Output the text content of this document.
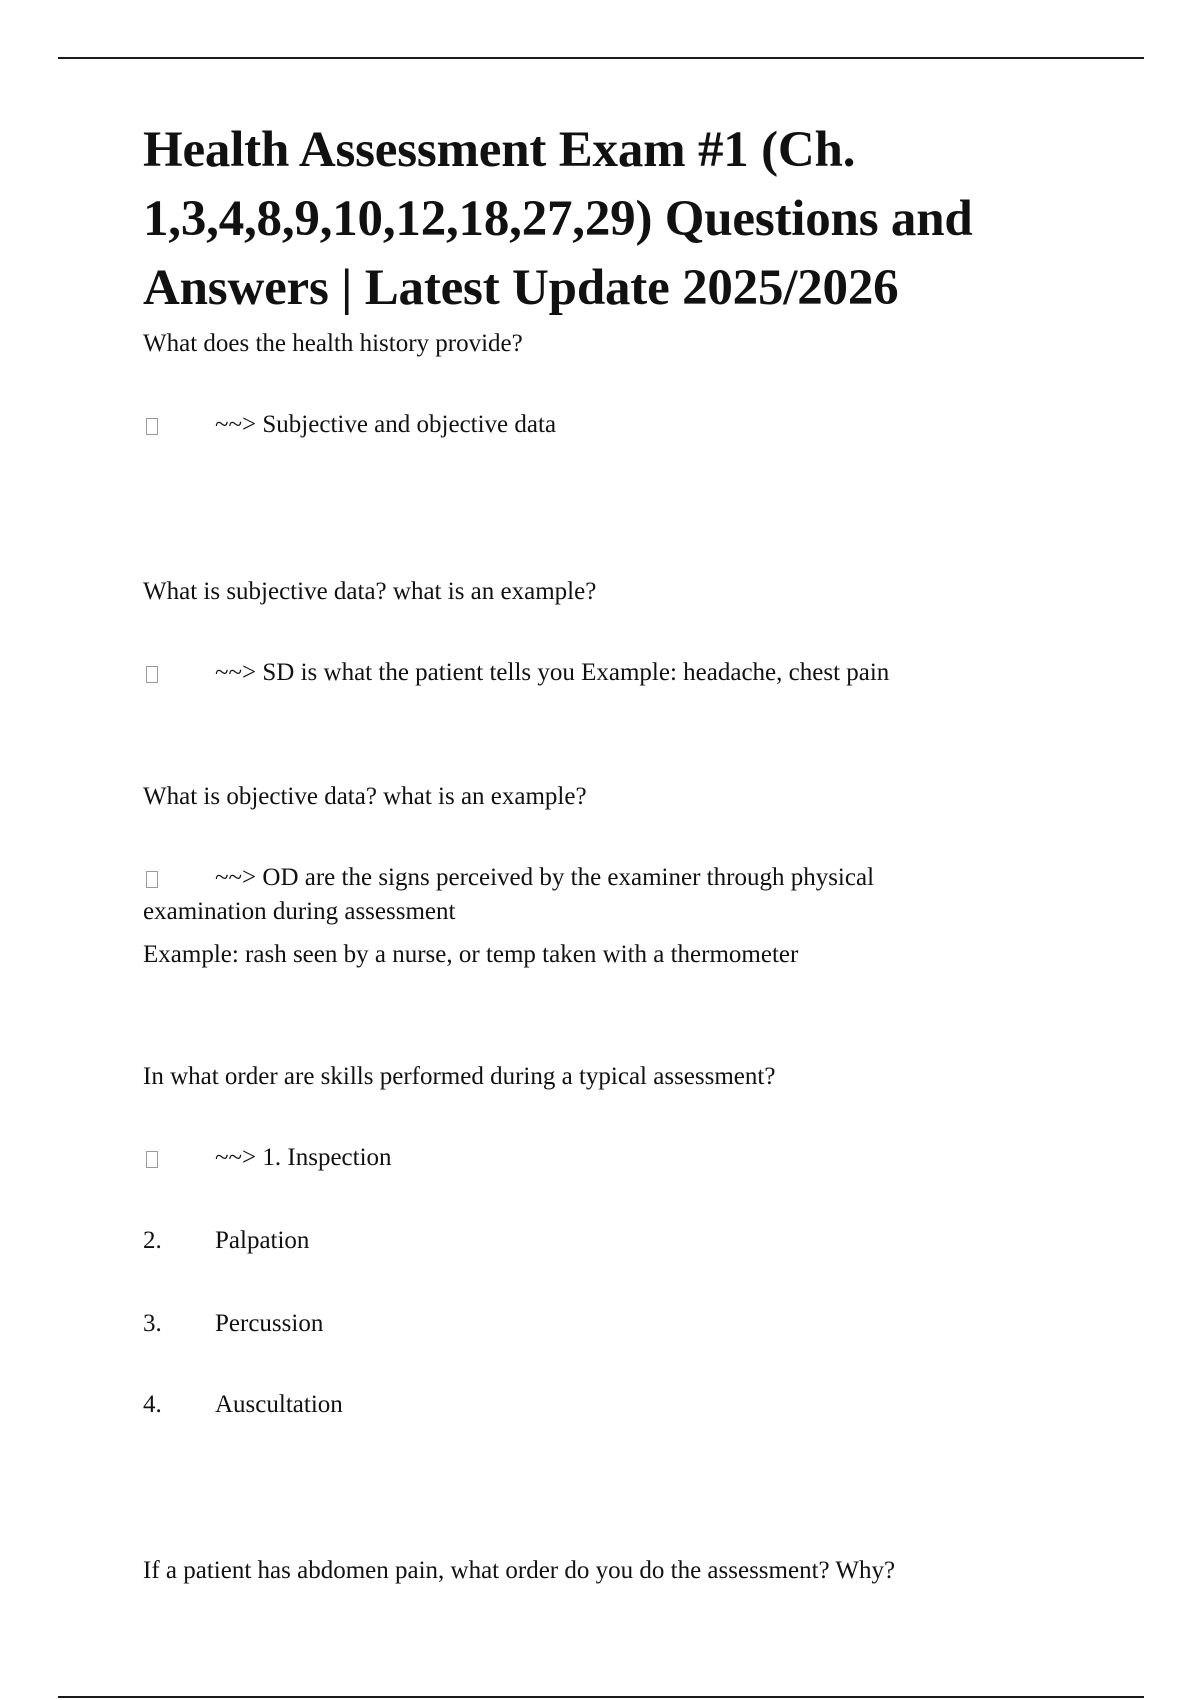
Health Assessment Exam #1 (Ch. 1,3,4,8,9,10,12,18,27,29) Questions and Answers | Latest Update 2025/2026
What does the health history provide?
~~> Subjective and objective data
What is subjective data? what is an example?
~~> SD is what the patient tells you Example: headache, chest pain
What is objective data? what is an example?
~~> OD are the signs perceived by the examiner through physical
examination during assessment
Example: rash seen by a nurse, or temp taken with a thermometer
In what order are skills performed during a typical assessment?
~~> 1. Inspection
2. Palpation
3. Percussion
4. Auscultation
If a patient has abdomen pain, what order do you do the assessment? Why?
